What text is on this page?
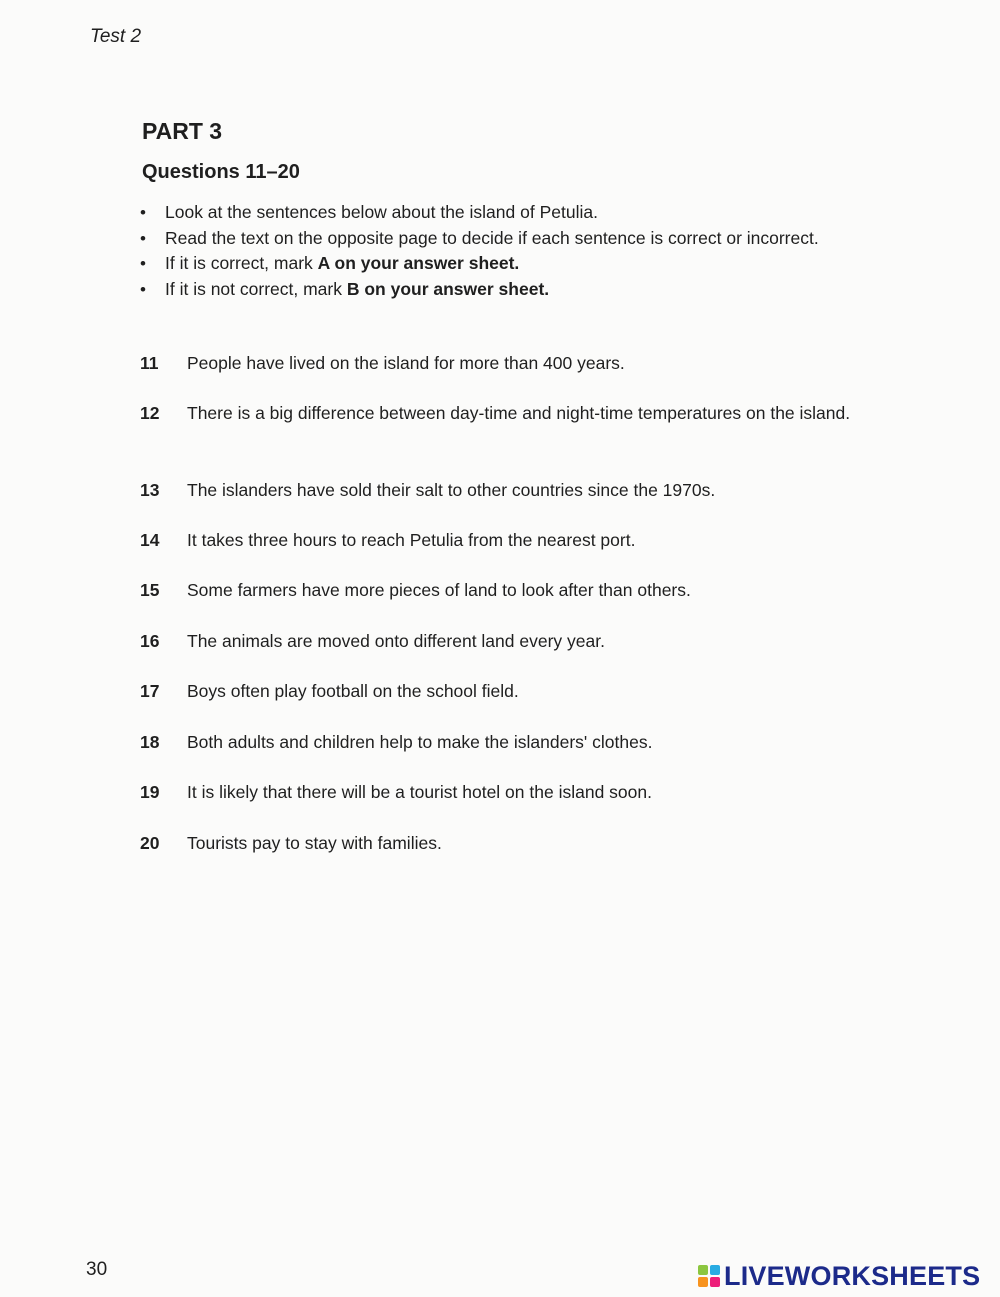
Test 2
PART 3
Questions 11–20
• Look at the sentences below about the island of Petulia.
• Read the text on the opposite page to decide if each sentence is correct or incorrect.
• If it is correct, mark A on your answer sheet.
• If it is not correct, mark B on your answer sheet.
11	People have lived on the island for more than 400 years.
12	There is a big difference between day-time and night-time temperatures on the island.
13	The islanders have sold their salt to other countries since the 1970s.
14	It takes three hours to reach Petulia from the nearest port.
15	Some farmers have more pieces of land to look after than others.
16	The animals are moved onto different land every year.
17	Boys often play football on the school field.
18	Both adults and children help to make the islanders' clothes.
19	It is likely that there will be a tourist hotel on the island soon.
20	Tourists pay to stay with families.
30	LIVEWORKSHEETS
